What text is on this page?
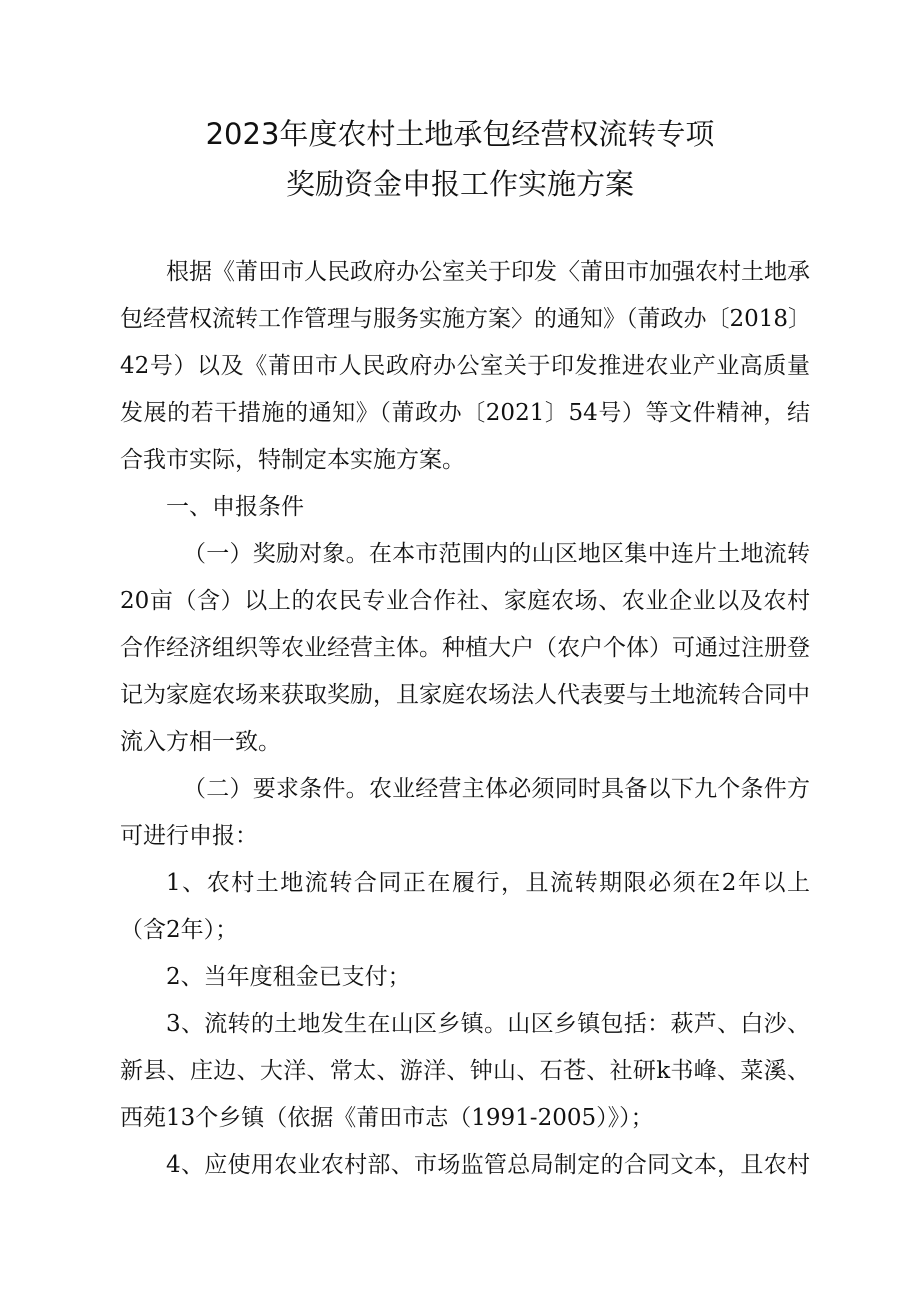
2023年度农村土地承包经营权流转专项
奖励资金申报工作实施方案
根据《莆田市人民政府办公室关于印发〈莆田市加强农村土地承
包经营权流转工作管理与服务实施方案〉的通知》（莆政办〔2018〕
42号）以及《莆田市人民政府办公室关于印发推进农业产业高质量
发展的若干措施的通知》（莆政办〔2021〕54号）等文件精神，结
合我市实际，特制定本实施方案。
一、申报条件
（一）奖励对象。在本市范围内的山区地区集中连片土地流转
20亩（含）以上的农民专业合作社、家庭农场、农业企业以及农村
合作经济组织等农业经营主体。种植大户（农户个体）可通过注册登
记为家庭农场来获取奖励，且家庭农场法人代表要与土地流转合同中
流入方相一致。
（二）要求条件。农业经营主体必须同时具备以下九个条件方
可进行申报：
1、农村土地流转合同正在履行，且流转期限必须在2年以上
（含2年）；
2、当年度租金已支付；
3、流转的土地发生在山区乡镇。山区乡镇包括：萩芦、白沙、
新县、庄边、大洋、常太、游洋、钟山、石苍、社研k书峰、菜溪、
西苑13个乡镇（依据《莆田市志（1991-2005）》）；
4、应使用农业农村部、市场监管总局制定的合同文本，且农村
